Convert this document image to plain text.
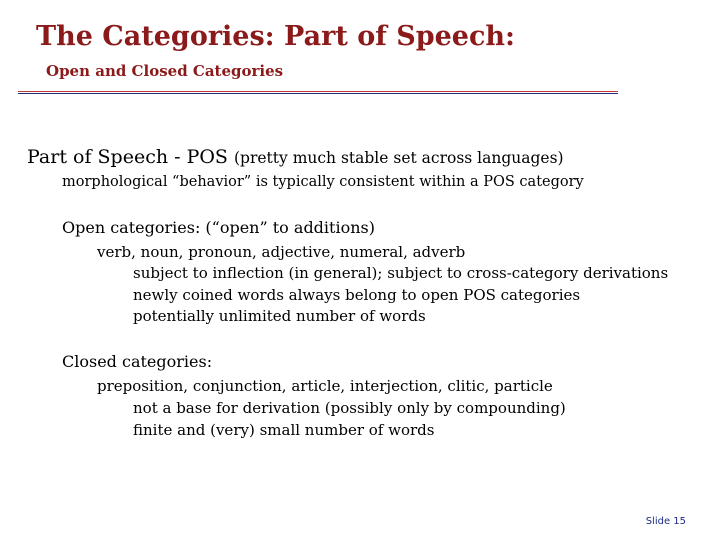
The Categories: Part of Speech:
Open and Closed Categories
Part of Speech - POS (pretty much stable set across languages)
morphological “behavior” is typically consistent within a POS category
Open categories: (“open” to additions)
verb, noun, pronoun, adjective, numeral, adverb
subject to inflection (in general); subject to cross-category derivations
newly coined words always belong to open POS categories
potentially unlimited number of words
Closed categories:
preposition, conjunction, article, interjection, clitic, particle
not a base for derivation (possibly only by compounding)
finite and (very) small number of words
Slide 15
